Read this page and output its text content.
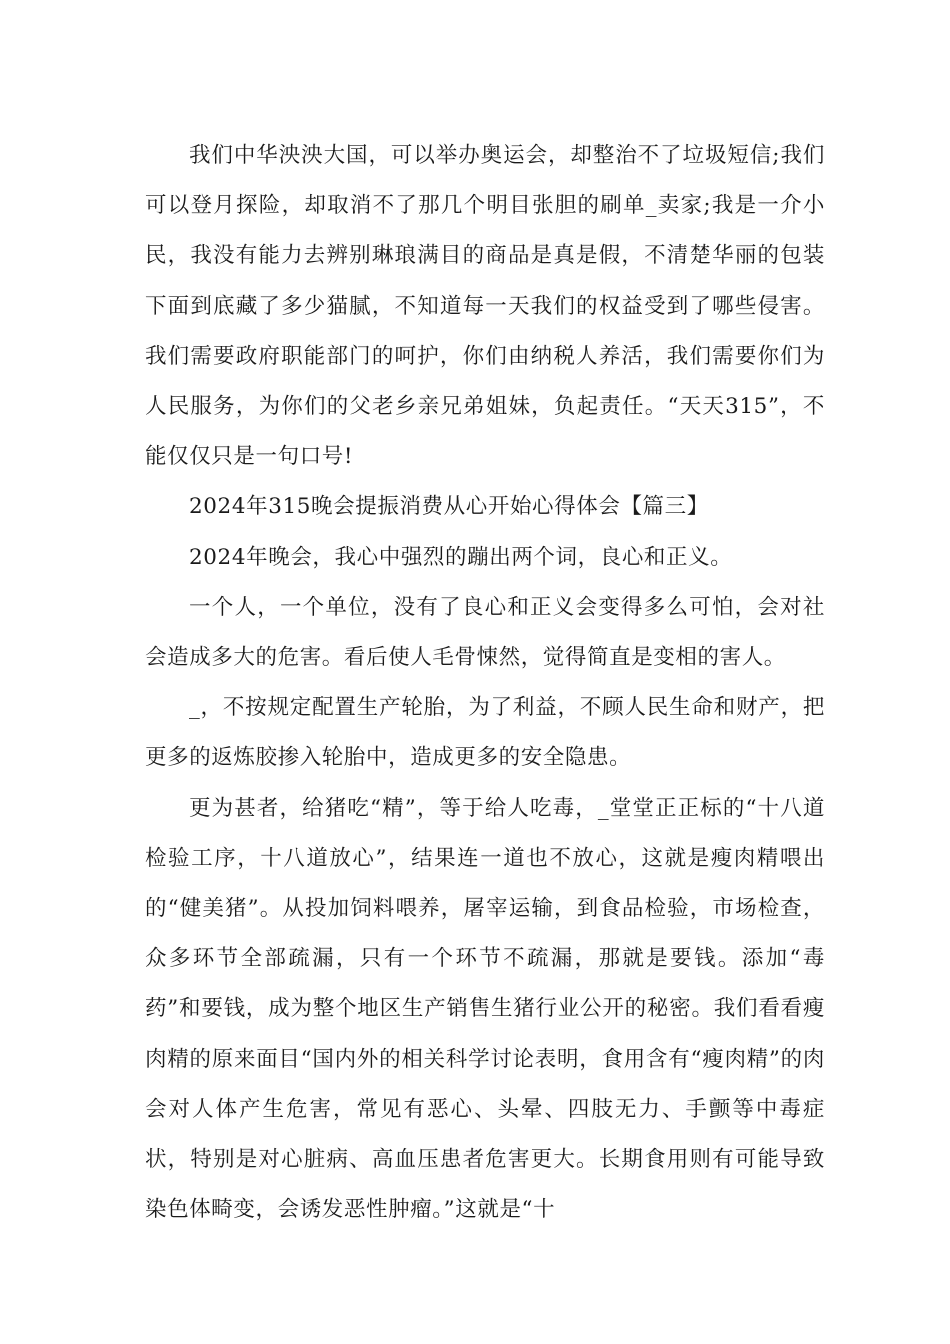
我们中华泱泱大国，可以举办奥运会，却整治不了垃圾短信;我们可以登月探险，却取消不了那几个明目张胆的刷单_卖家;我是一介小民，我没有能力去辨别琳琅满目的商品是真是假，不清楚华丽的包装下面到底藏了多少猫腻，不知道每一天我们的权益受到了哪些侵害。我们需要政府职能部门的呵护，你们由纳税人养活，我们需要你们为人民服务，为你们的父老乡亲兄弟姐妹，负起责任。“天天315”，不能仅仅只是一句口号!

2024年315晚会提振消费从心开始心得体会【篇三】

2024年晚会，我心中强烈的蹦出两个词，良心和正义。

一个人，一个单位，没有了良心和正义会变得多么可怕，会对社会造成多大的危害。看后使人毛骨悚然，觉得简直是变相的害人。

_，不按规定配置生产轮胎，为了利益，不顾人民生命和财产，把更多的返炼胶掺入轮胎中，造成更多的安全隐患。

更为甚者，给猪吃“精”，等于给人吃毒，_堂堂正正标的“十八道检验工序，十八道放心”，结果连一道也不放心，这就是瘦肉精喂出的“健美猪”。从投加饲料喂养，屠宰运输，到食品检验，市场检查，众多环节全部疏漏，只有一个环节不疏漏，那就是要钱。添加“毒药”和要钱，成为整个地区生产销售生猪行业公开的秘密。我们看看瘦肉精的原来面目“国内外的相关科学讨论表明，食用含有“瘦肉精”的肉会对人体产生危害，常见有恶心、头晕、四肢无力、手颤等中毒症状，特别是对心脏病、高血压患者危害更大。长期食用则有可能导致染色体畸变，会诱发恶性肿瘤。”这就是“十
